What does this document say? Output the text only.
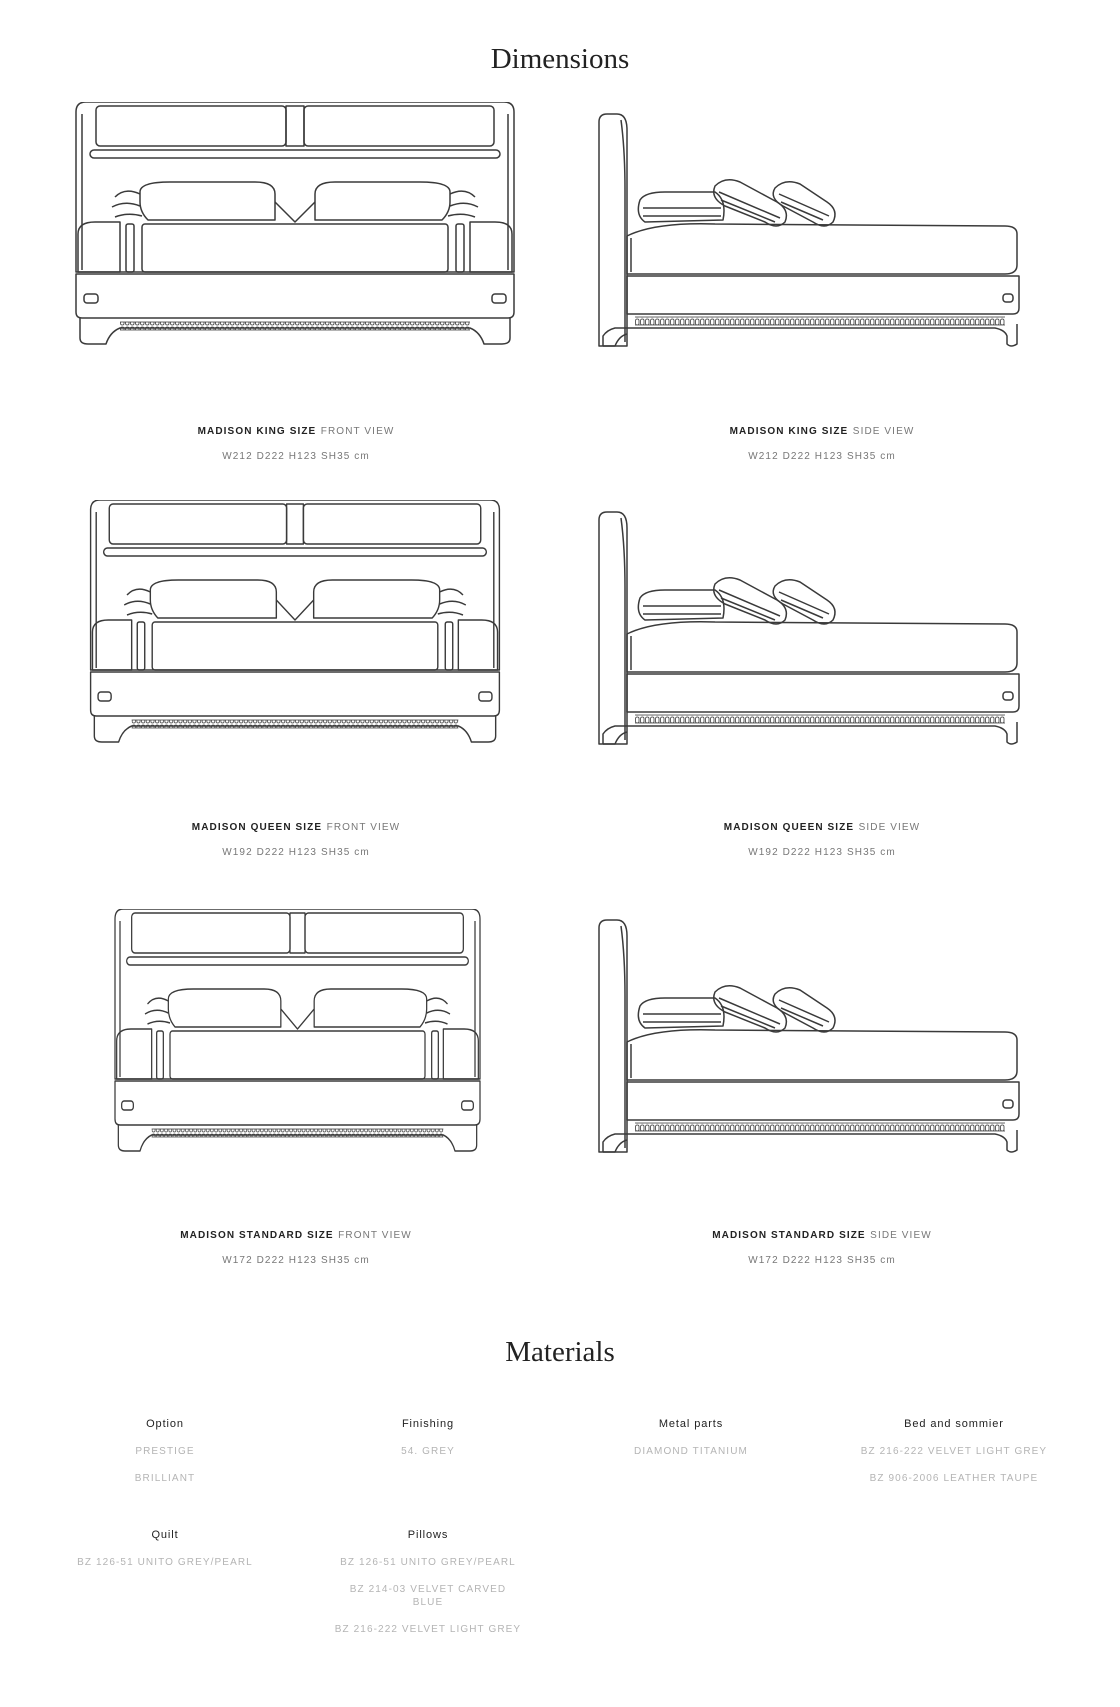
Dimensions
MADISON KING SIZE FRONT VIEW
W212 D222 H123 SH35 cm
MADISON KING SIZE SIDE VIEW
W212 D222 H123 SH35 cm
MADISON QUEEN SIZE FRONT VIEW
W192 D222 H123 SH35 cm
MADISON QUEEN SIZE SIDE VIEW
W192 D222 H123 SH35 cm
MADISON STANDARD SIZE FRONT VIEW
W172 D222 H123 SH35 cm
MADISON STANDARD SIZE SIDE VIEW
W172 D222 H123 SH35 cm
Materials
Option
PRESTIGE
BRILLIANT
Finishing
54. GREY
Metal parts
DIAMOND TITANIUM
Bed and sommier
BZ 216-222 VELVET LIGHT GREY
BZ 906-2006 LEATHER TAUPE
Quilt
BZ 126-51 UNITO GREY/PEARL
Pillows
BZ 126-51 UNITO GREY/PEARL
BZ 214-03 VELVET CARVED BLUE
BZ 216-222 VELVET LIGHT GREY
